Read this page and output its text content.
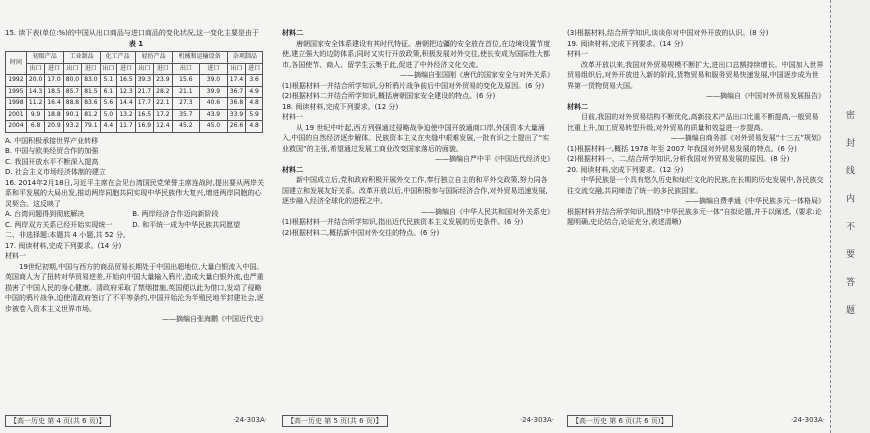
15. 读下表(单位:%)的中国从出口商品与进口商品的变化状况,这一变化主要是由于

表 1

时间	初级产品		工业制品		化工产品		轻纺产品		机械和运输设备		杂项制品	
	出口	进口	出口	进口	出口	进口	出口	进口	出口	进口	出口	进口
1992	20.0	17.0	80.0	83.0	5.1	16.5	39.3	23.9	15.6	39.0	17.4	3.6
1995	14.3	18.5	85.7	81.5	6.1	12.3	21.7	28.2	21.1	39.9	36.7	4.9
1998	11.2	16.4	88.8	83.6	5.6	14.4	17.7	22.1	27.3	40.6	36.8	4.8
2001	9.9	18.8	90.1	81.2	5.0	13.2	16.5	17.2	35.7	43.9	33.9	5.9
2004	6.8	20.9	93.2	79.1	4.4	11.7	16.9	12.4	45.2	45.0	26.6	4.8

A. 中国积极承接世界产业转移

B. 中国与欧美经贸合作的加强

C. 我国开放水平不断深入提高

D. 社会主义市场经济体制的建立

16. 2014年2月18日,习近平主席在会见台湾国民党荣誉主席连战时,提出要从两岸关系和平发展的大局出发,推动两岸同胞共同实现中华民族伟大复兴,增进两岸同胞的心灵契合。这反映了

A. 台湾问题得到彻底解决	B. 两岸经济合作迈向新阶段

C. 两岸双方关系已经开始实现统一	D. 和平统一成为中华民族共同愿望

二、非选择题:本题共 4 小题,共 52 分。

17. 阅读材料,完成下列要求。(14 分)

材料一

19世纪初期,中国与西方的商品贸易长期处于中国出超地位,大量白银流入中国。英国商人为了扭转对华贸易逆差,开始向中国大量输入鸦片,造成大量白银外流,也严重损害了中国人民的身心健康。清政府采取了禁烟措施,英国便以此为借口,发动了侵略中国的鸦片战争,迫使清政府签订了不平等条约,中国开始沦为半殖民地半封建社会,逐步被卷入资本主义世界市场。

——摘编自张海鹏《中国近代史》

材料二

唐朝国家安全体系建设有其时代特征。唐朝把边疆的安全放在首位,在边境设置节度使,建立强大的边防体系;同时又实行开放政策,积极发展对外交往,使长安成为国际性大都市,各国使节、商人、留学生云集于此,促进了中外经济文化交流。

——摘编自张国刚《唐代的国家安全与对外关系》

(1)根据材料一并结合所学知识,分析鸦片战争前后中国对外贸易的变化及原因。(6 分)

(2)根据材料二并结合所学知识,概括唐朝国家安全建设的特点。(6 分)

18. 阅读材料,完成下列要求。(12 分)

材料一

从 19 世纪中叶起,西方列强通过侵略战争迫使中国开放通商口岸,外国资本大量涌入,中国的自然经济逐步解体。民族资本主义在夹缝中艰难发展,一批有识之士提出了“实业救国”的主张,希望通过发展工商业改变国家落后的面貌。

——摘编自严中平《中国近代经济史》

材料二

新中国成立后,党和政府积极开展外交工作,奉行独立自主的和平外交政策,努力同各国建立和发展友好关系。改革开放以后,中国积极参与国际经济合作,对外贸易迅速发展,逐步融入经济全球化的进程之中。

——摘编自《中华人民共和国对外关系史》

(1)根据材料一并结合所学知识,指出近代民族资本主义发展的历史条件。(6 分)

(2)根据材料二,概括新中国对外交往的特点。(6 分)

(3)根据材料,结合所学知识,谈谈你对中国对外开放的认识。(8 分)

19. 阅读材料,完成下列要求。(14 分)

材料一

改革开放以来,我国对外贸易规模不断扩大,进出口总额持续增长。中国加入世界贸易组织后,对外开放进入新的阶段,货物贸易和服务贸易快速发展,中国逐步成为世界第一货物贸易大国。

——摘编自《中国对外贸易发展报告》

材料二

目前,我国的对外贸易结构不断优化,高新技术产品出口比重不断提高,一般贸易比重上升,加工贸易转型升级,对外贸易的质量和效益进一步提高。

——摘编自商务部《对外贸易发展“十三五”规划》

(1)根据材料一,概括 1978 年至 2007 年我国对外贸易发展的特点。(6 分)

(2)根据材料一、二,结合所学知识,分析我国对外贸易发展的原因。(8 分)

20. 阅读材料,完成下列要求。(12 分)

中华民族是一个具有悠久历史和灿烂文化的民族,在长期的历史发展中,各民族交往交流交融,共同缔造了统一的多民族国家。

——摘编自费孝通《中华民族多元一体格局》

根据材料并结合所学知识,围绕“中华民族多元一体”自拟论题,并予以阐述。(要求:论题明确,史论结合,论证充分,表述清晰)

【高一历史 第 4 页(共 6 页)】	·24-303A·	【高一历史 第 5 页(共 6 页)】	·24-303A·	【高一历史 第 6 页(共 6 页)】	·24-303A·
密 封 线 内 不 要 答 题
